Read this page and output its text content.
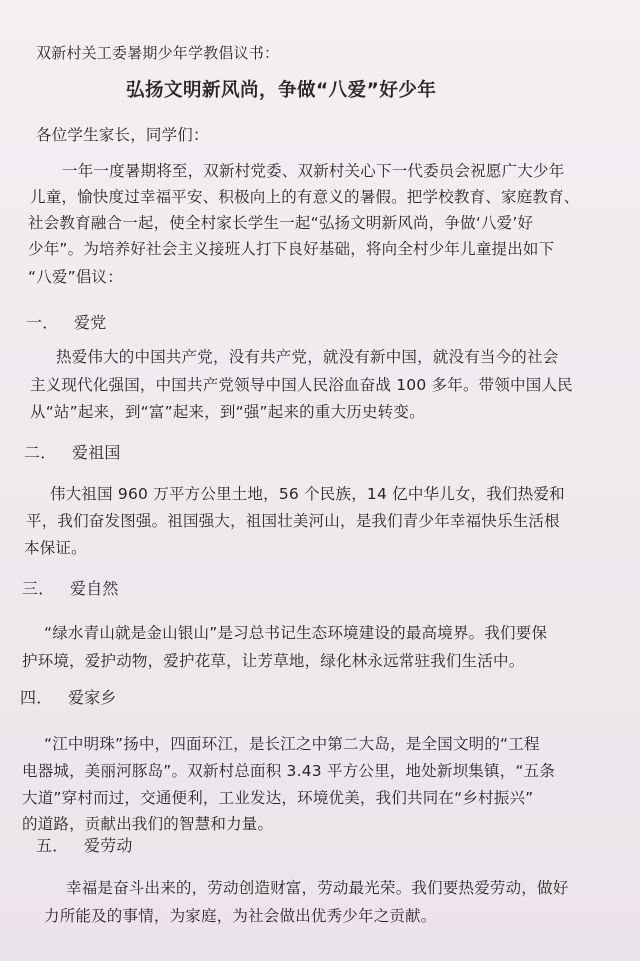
双新村关工委暑期少年学教倡议书：
弘扬文明新风尚，争做“八爱”好少年
各位学生家长，同学们：
一年一度暑期将至，双新村党委、双新村关心下一代委员会祝愿广大少年
儿童，愉快度过幸福平安、积极向上的有意义的暑假。把学校教育、家庭教育、
社会教育融合一起，使全村家长学生一起“弘扬文明新风尚，争做‘八爱’好
少年”。为培养好社会主义接班人打下良好基础，将向全村少年儿童提出如下
“八爱”倡议：
一． 爱党
热爱伟大的中国共产党，没有共产党，就没有新中国，就没有当今的社会
主义现代化强国，中国共产党领导中国人民浴血奋战 100 多年。带领中国人民
从“站”起来，到“富”起来，到“强”起来的重大历史转变。
二． 爱祖国
伟大祖国 960 万平方公里土地，56 个民族，14 亿中华儿女，我们热爱和
平，我们奋发图强。祖国强大，祖国壮美河山，是我们青少年幸福快乐生活根
本保证。
三． 爱自然
“绿水青山就是金山银山”是习总书记生态环境建设的最高境界。我们要保
护环境，爱护动物，爱护花草，让芳草地，绿化林永远常驻我们生活中。
四． 爱家乡
“江中明珠”扬中，四面环江，是长江之中第二大岛，是全国文明的“工程
电器城，美丽河豚岛”。双新村总面积 3.43 平方公里，地处新坝集镇，“五条
大道”穿村而过，交通便利，工业发达，环境优美，我们共同在“乡村振兴”
的道路，贡献出我们的智慧和力量。
五． 爱劳动
幸福是奋斗出来的，劳动创造财富，劳动最光荣。我们要热爱劳动，做好
力所能及的事情，为家庭，为社会做出优秀少年之贡献。
